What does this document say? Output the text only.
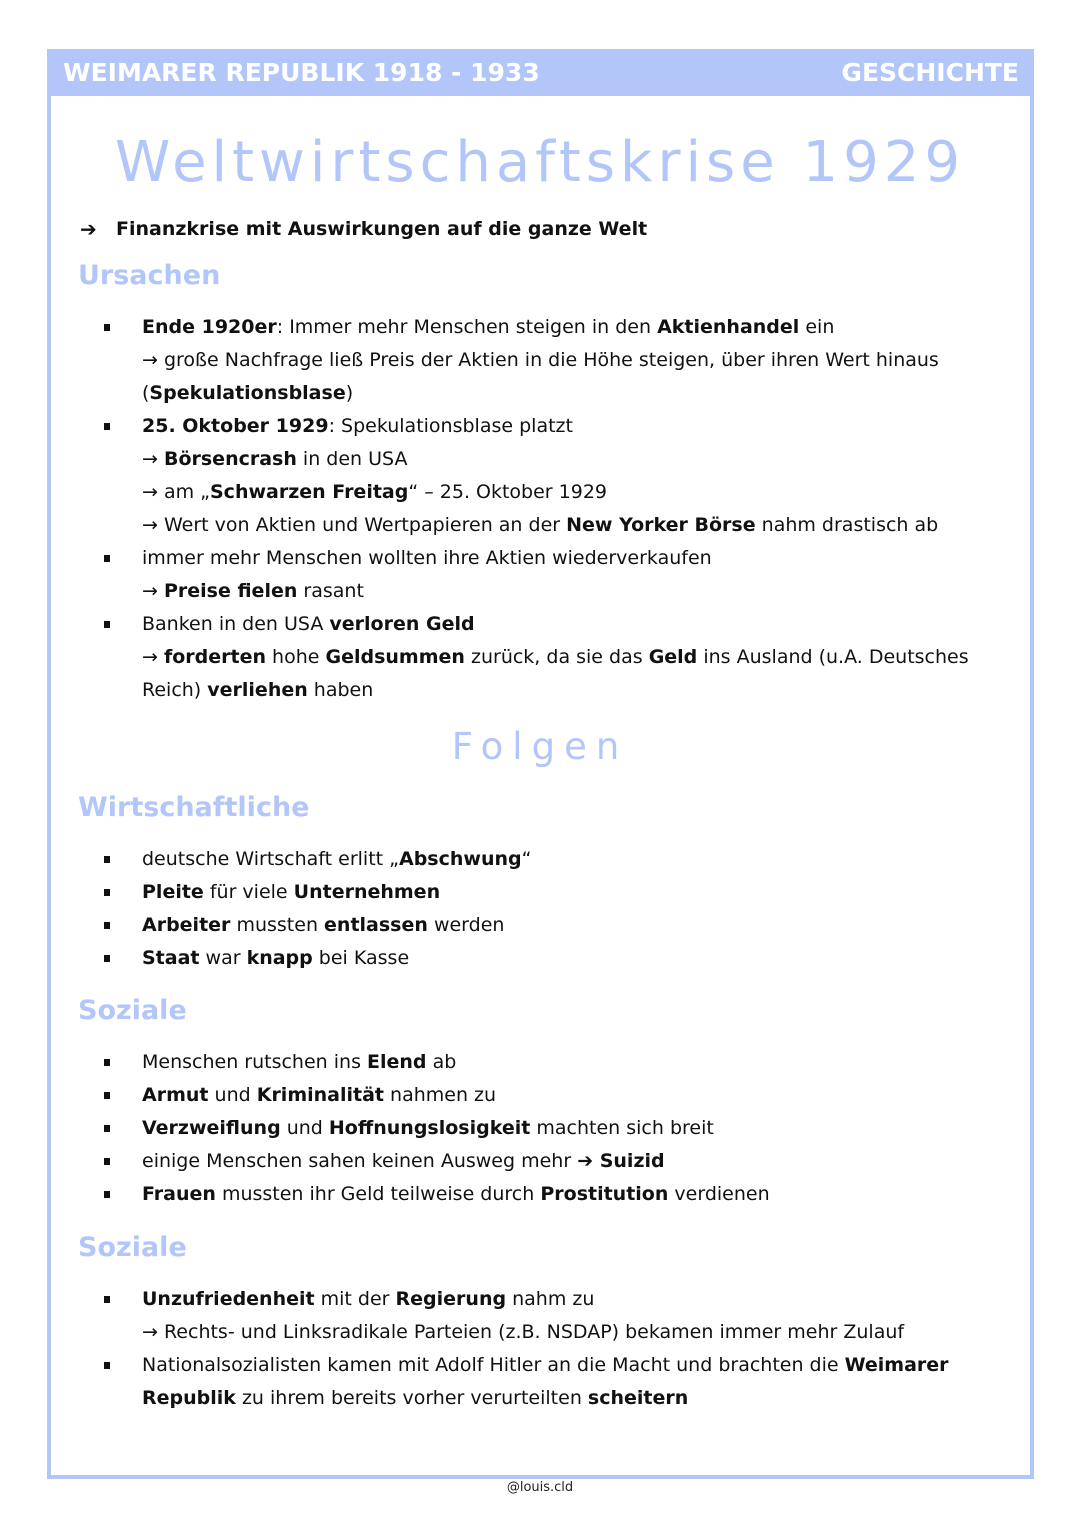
WEIMARER REPUBLIK 1918 - 1933	GESCHICHTE
Weltwirtschaftskrise 1929
➔	Finanzkrise mit Auswirkungen auf die ganze Welt
Ursachen
Ende 1920er: Immer mehr Menschen steigen in den Aktienhandel ein
→ große Nachfrage ließ Preis der Aktien in die Höhe steigen, über ihren Wert hinaus
(Spekulationsblase)
25. Oktober 1929: Spekulationsblase platzt
→ Börsencrash in den USA
→ am „Schwarzen Freitag“ – 25. Oktober 1929
→ Wert von Aktien und Wertpapieren an der New Yorker Börse nahm drastisch ab
immer mehr Menschen wollten ihre Aktien wiederverkaufen
→ Preise fielen rasant
Banken in den USA verloren Geld
→ forderten hohe Geldsummen zurück, da sie das Geld ins Ausland (u.A. Deutsches
Reich) verliehen haben
Folgen
Wirtschaftliche
deutsche Wirtschaft erlitt „Abschwung“
Pleite für viele Unternehmen
Arbeiter mussten entlassen werden
Staat war knapp bei Kasse
Soziale
Menschen rutschen ins Elend ab
Armut und Kriminalität nahmen zu
Verzweiflung und Hoffnungslosigkeit machten sich breit
einige Menschen sahen keinen Ausweg mehr ➔ Suizid
Frauen mussten ihr Geld teilweise durch Prostitution verdienen
Soziale
Unzufriedenheit mit der Regierung nahm zu
→ Rechts- und Linksradikale Parteien (z.B. NSDAP) bekamen immer mehr Zulauf
Nationalsozialisten kamen mit Adolf Hitler an die Macht und brachten die Weimarer
Republik zu ihrem bereits vorher verurteilten scheitern
@louis.cld
